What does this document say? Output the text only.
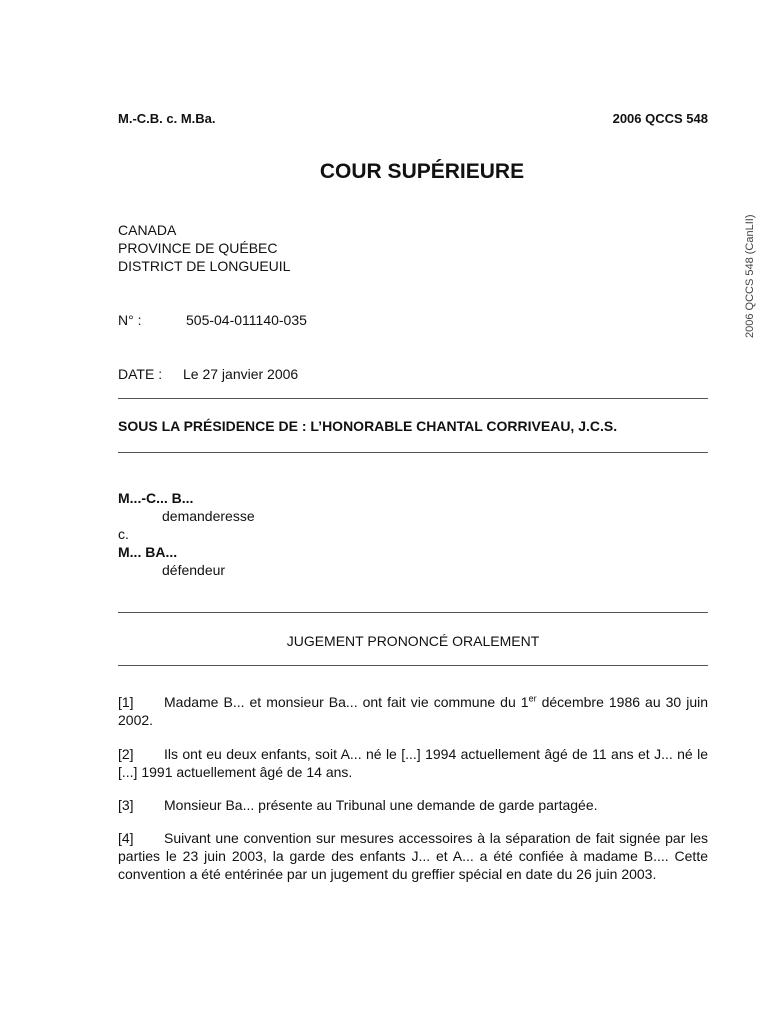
M.-C.B. c. M.Ba.	2006 QCCS 548
COUR SUPÉRIEURE
2006 QCCS 548 (CanLII)
CANADA
PROVINCE DE QUÉBEC
DISTRICT DE LONGUEUIL
N° :	505-04-011140-035
DATE : Le 27 janvier 2006
SOUS LA PRÉSIDENCE DE : L’HONORABLE CHANTAL CORRIVEAU, J.C.S.
M...-C... B...
demanderesse
c.
M... BA...
défendeur
JUGEMENT PRONONCÉ ORALEMENT
[1] Madame B... et monsieur Ba... ont fait vie commune du 1er décembre 1986 au 30 juin 2002.
[2] Ils ont eu deux enfants, soit A... né le [...] 1994 actuellement âgé de 11 ans et J... né le [...] 1991 actuellement âgé de 14 ans.
[3] Monsieur Ba... présente au Tribunal une demande de garde partagée.
[4] Suivant une convention sur mesures accessoires à la séparation de fait signée par les parties le 23 juin 2003, la garde des enfants J... et A... a été confiée à madame B.... Cette convention a été entérinée par un jugement du greffier spécial en date du 26 juin 2003.
